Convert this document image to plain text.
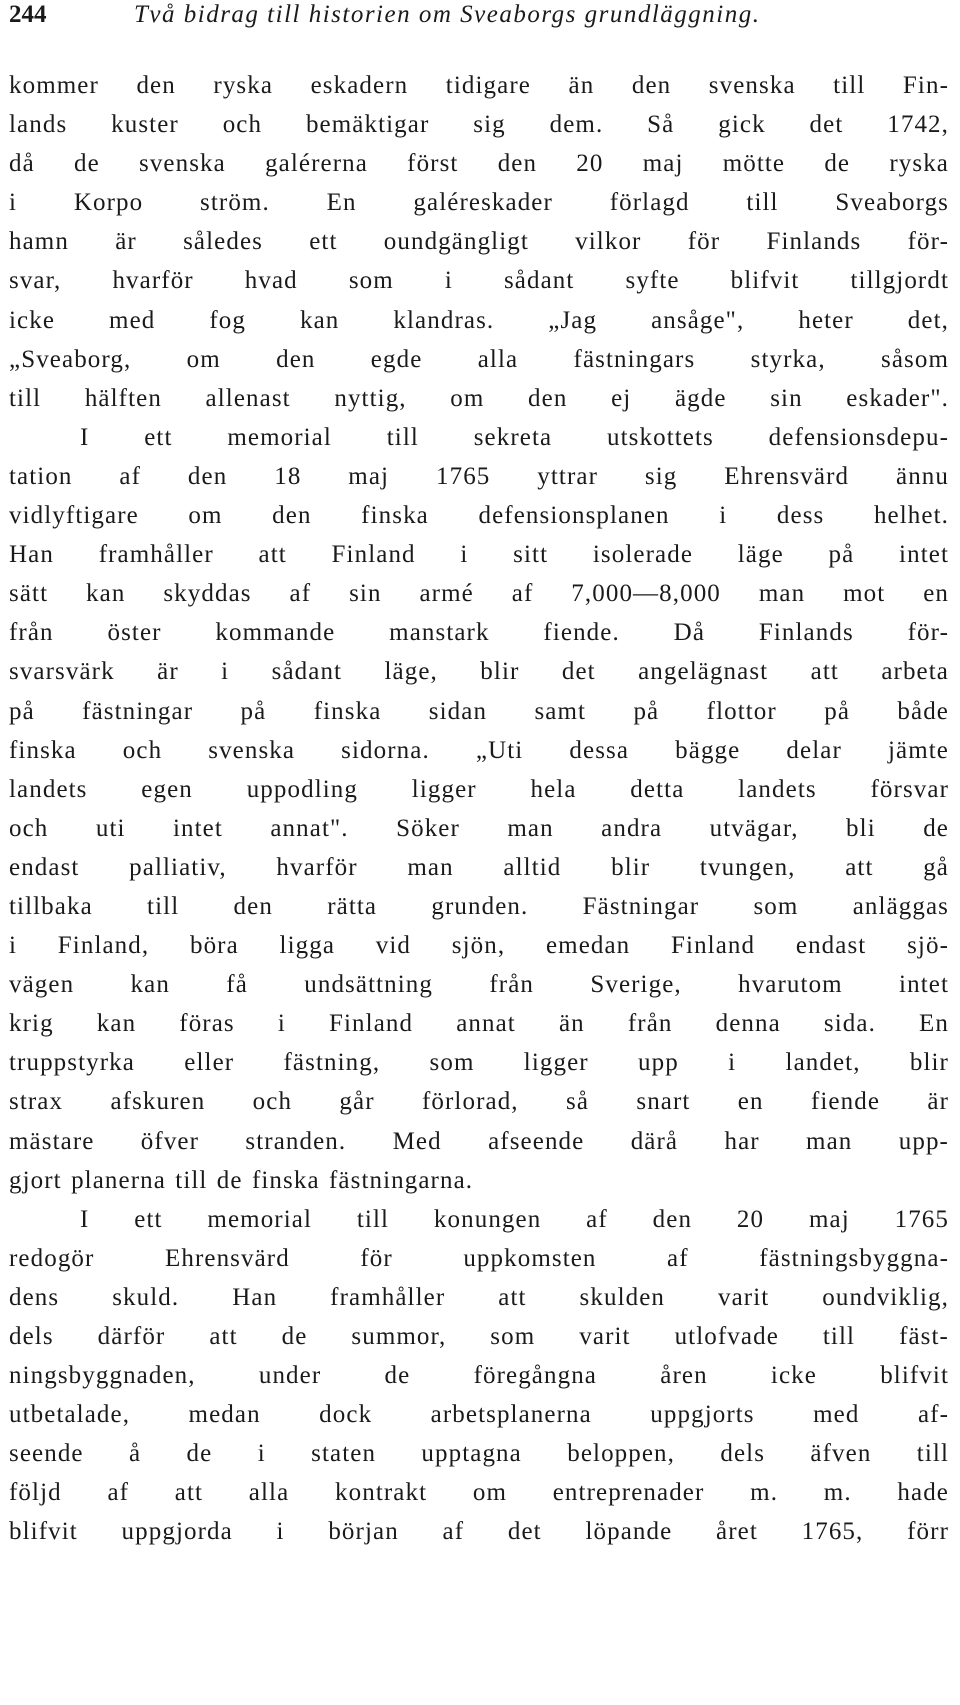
244	Två bidrag till historien om Sveaborgs grundläggning.
kommer den ryska eskadern tidigare än den svenska till Fin-
lands kuster och bemäktigar sig dem. Så gick det 1742,
då de svenska galérerna först den 20 maj mötte de ryska
i Korpo ström. En galéreskader förlagd till Sveaborgs
hamn är således ett oundgängligt vilkor för Finlands för-
svar, hvarför hvad som i sådant syfte blifvit tillgjordt
icke med fog kan klandras. „Jag ansåge", heter det,
„Sveaborg, om den egde alla fästningars styrka, såsom
till hälften allenast nyttig, om den ej ägde sin eskader".
I ett memorial till sekreta utskottets defensionsdepu-
tation af den 18 maj 1765 yttrar sig Ehrensvärd ännu
vidlyftigare om den finska defensionsplanen i dess helhet.
Han framhåller att Finland i sitt isolerade läge på intet
sätt kan skyddas af sin armé af 7,000—8,000 man mot en
från öster kommande manstark fiende. Då Finlands för-
svarsvärk är i sådant läge, blir det angelägnast att arbeta
på fästningar på finska sidan samt på flottor på både
finska och svenska sidorna. „Uti dessa bägge delar jämte
landets egen uppodling ligger hela detta landets försvar
och uti intet annat". Söker man andra utvägar, bli de
endast palliativ, hvarför man alltid blir tvungen, att gå
tillbaka till den rätta grunden. Fästningar som anläggas
i Finland, böra ligga vid sjön, emedan Finland endast sjö-
vägen kan få undsättning från Sverige, hvarutom intet
krig kan föras i Finland annat än från denna sida. En
truppstyrka eller fästning, som ligger upp i landet, blir
strax afskuren och går förlorad, så snart en fiende är
mästare öfver stranden. Med afseende därå har man upp-
gjort planerna till de finska fästningarna.
I ett memorial till konungen af den 20 maj 1765
redogör Ehrensvärd för uppkomsten af fästningsbyggna-
dens skuld. Han framhåller att skulden varit oundviklig,
dels därför att de summor, som varit utlofvade till fäst-
ningsbyggnaden, under de föregångna åren icke blifvit
utbetalade, medan dock arbetsplanerna uppgjorts med af-
seende å de i staten upptagna beloppen, dels äfven till
följd af att alla kontrakt om entreprenader m. m. hade
blifvit uppgjorda i början af det löpande året 1765, förr
